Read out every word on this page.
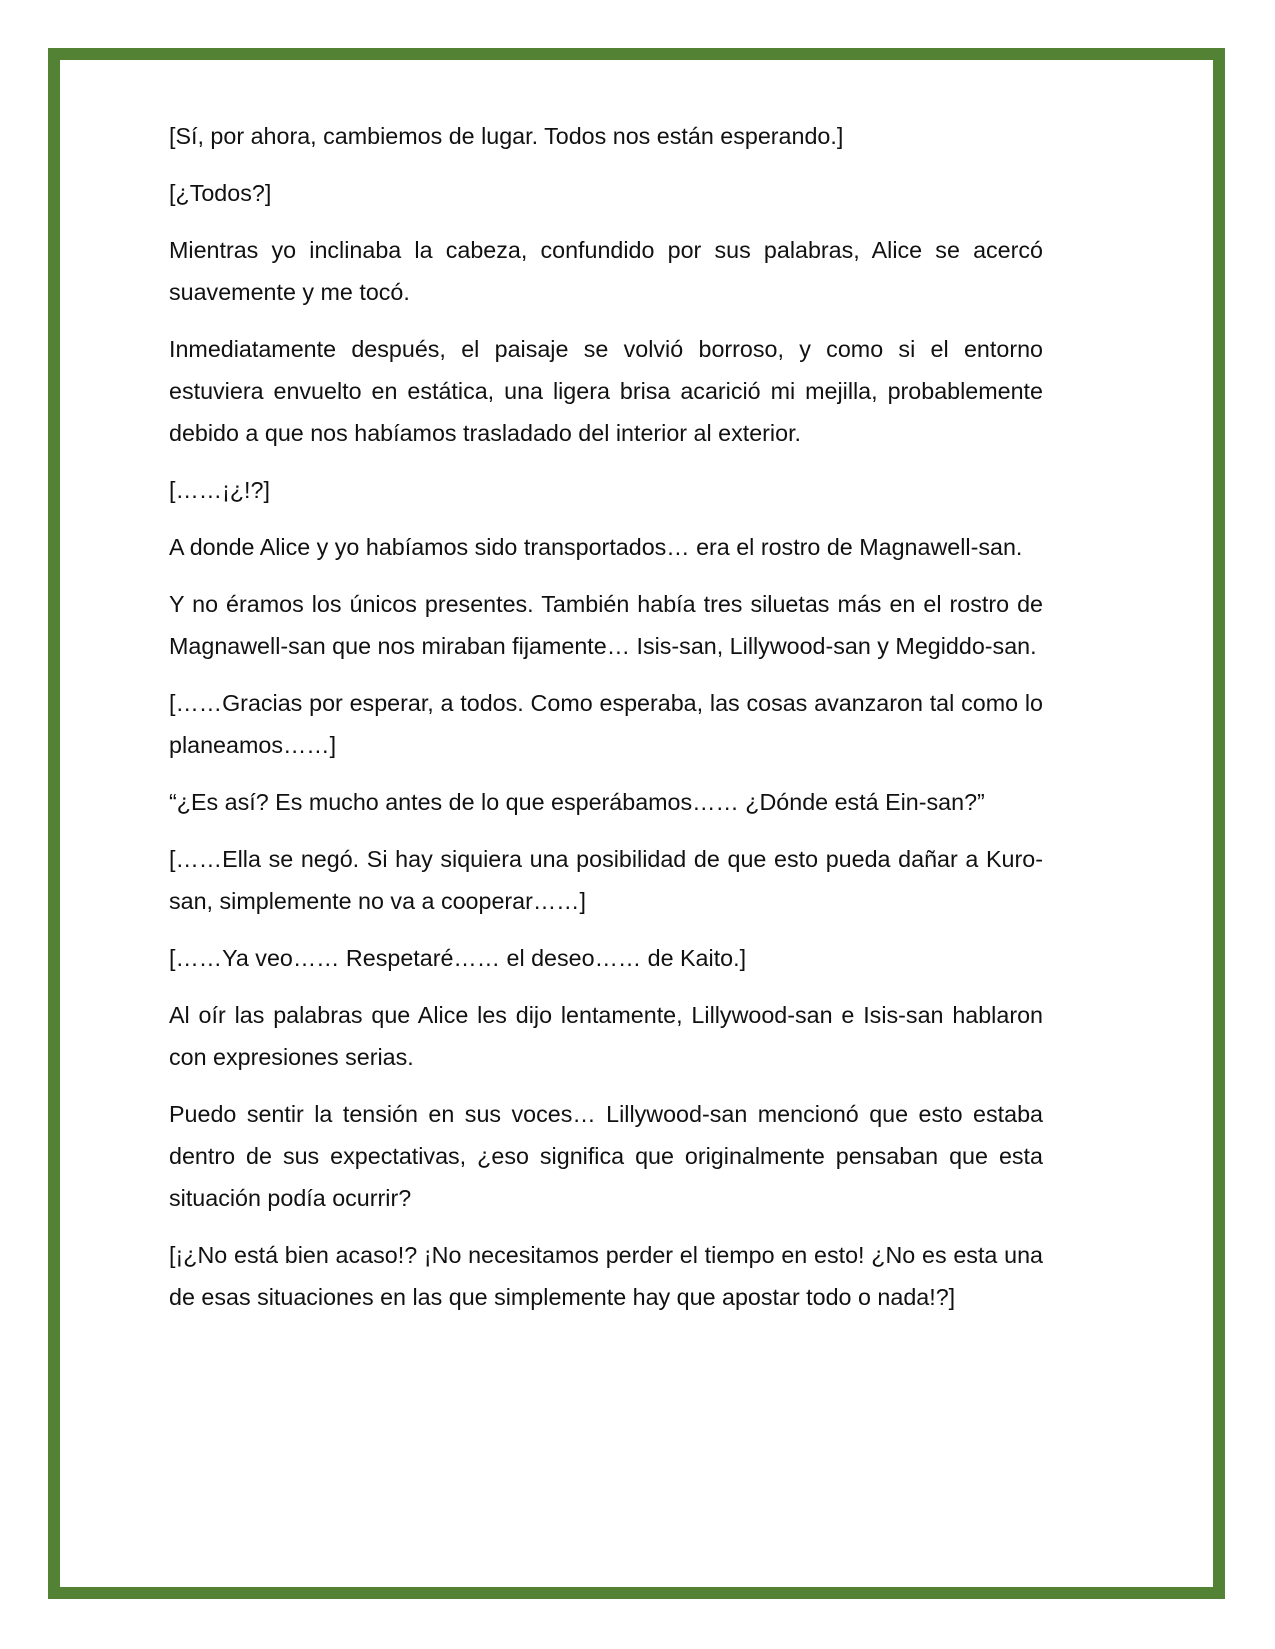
[Sí, por ahora, cambiemos de lugar. Todos nos están esperando.]

[¿Todos?]

Mientras yo inclinaba la cabeza, confundido por sus palabras, Alice se acercó suavemente y me tocó.

Inmediatamente después, el paisaje se volvió borroso, y como si el entorno estuviera envuelto en estática, una ligera brisa acarició mi mejilla, probablemente debido a que nos habíamos trasladado del interior al exterior.

[……¡¿!?]

A donde Alice y yo habíamos sido transportados… era el rostro de Magnawell-san.

Y no éramos los únicos presentes. También había tres siluetas más en el rostro de Magnawell-san que nos miraban fijamente… Isis-san, Lillywood-san y Megiddo-san.

[……Gracias por esperar, a todos. Como esperaba, las cosas avanzaron tal como lo planeamos……]

“¿Es así? Es mucho antes de lo que esperábamos…… ¿Dónde está Ein-san?”

[……Ella se negó. Si hay siquiera una posibilidad de que esto pueda dañar a Kuro-san, simplemente no va a cooperar……]

[……Ya veo…… Respetaré…… el deseo…… de Kaito.]

Al oír las palabras que Alice les dijo lentamente, Lillywood-san e Isis-san hablaron con expresiones serias.

Puedo sentir la tensión en sus voces… Lillywood-san mencionó que esto estaba dentro de sus expectativas, ¿eso significa que originalmente pensaban que esta situación podía ocurrir?

[¡¿No está bien acaso!? ¡No necesitamos perder el tiempo en esto! ¿No es esta una de esas situaciones en las que simplemente hay que apostar todo o nada!?]
